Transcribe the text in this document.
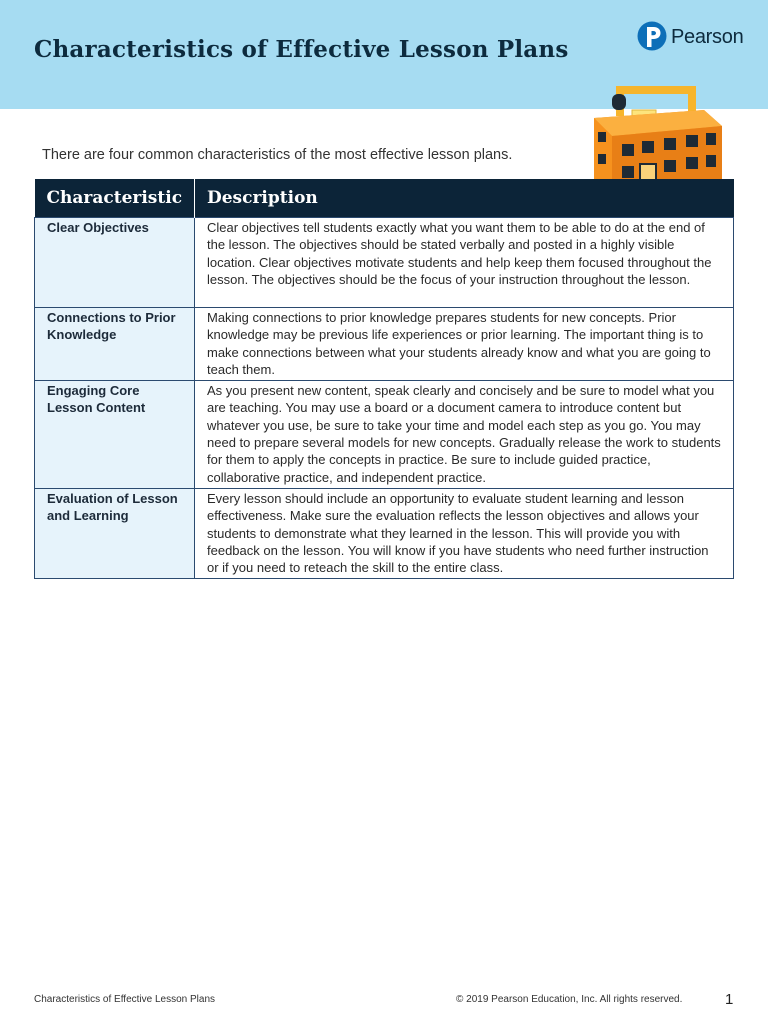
Characteristics of Effective Lesson Plans	Pearson

There are four common characteristics of the most effective lesson plans.

Characteristic	Description
Clear Objectives	Clear objectives tell students exactly what you want them to be able to do at the end of the lesson. The objectives should be stated verbally and posted in a highly visible location. Clear objectives motivate students and help keep them focused throughout the lesson. The objectives should be the focus of your instruction throughout the lesson.
Connections to Prior Knowledge	Making connections to prior knowledge prepares students for new concepts. Prior knowledge may be previous life experiences or prior learning. The important thing is to make connections between what your students already know and what you are going to teach them.
Engaging Core Lesson Content	As you present new content, speak clearly and concisely and be sure to model what you are teaching. You may use a board or a document camera to introduce content but whatever you use, be sure to take your time and model each step as you go. You may need to prepare several models for new concepts. Gradually release the work to students for them to apply the concepts in practice. Be sure to include guided practice, collaborative practice, and independent practice.
Evaluation of Lesson and Learning	Every lesson should include an opportunity to evaluate student learning and lesson effectiveness. Make sure the evaluation reflects the lesson objectives and allows your students to demonstrate what they learned in the lesson. This will provide you with feedback on the lesson. You will know if you have students who need further instruction or if you need to reteach the skill to the entire class.
Characteristics of Effective Lesson Plans	© 2019 Pearson Education, Inc. All rights reserved.	1
